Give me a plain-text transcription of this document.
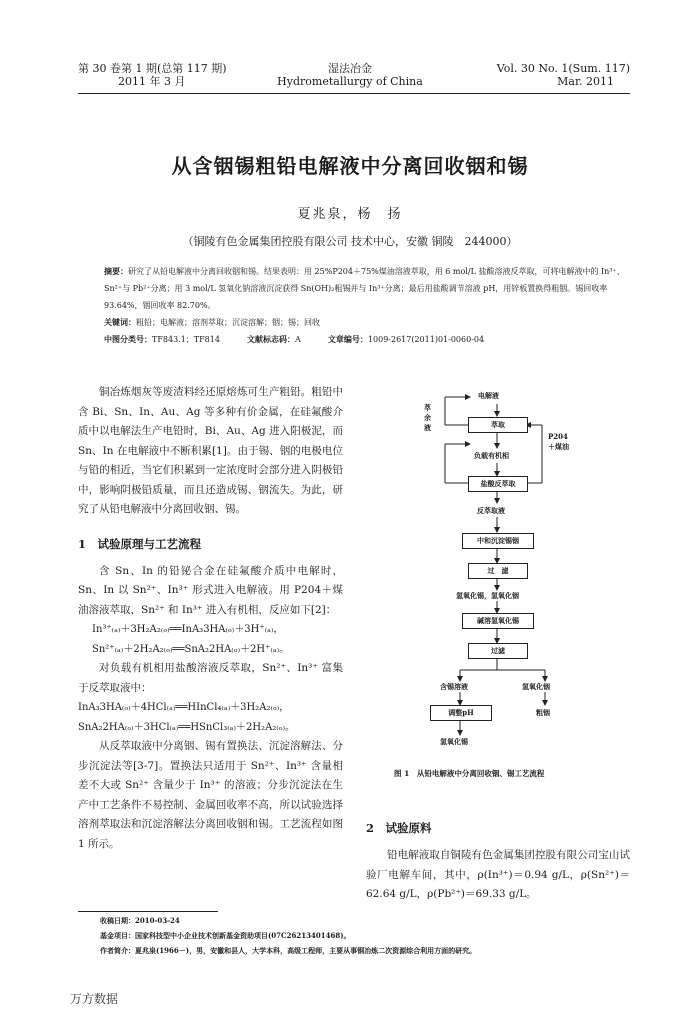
第 30 卷第 1 期(总第 117 期)
2011 年 3 月
湿法冶金
Hydrometallurgy of China
Vol. 30 No. 1(Sum. 117)
Mar. 2011
从含铟锡粗铅电解液中分离回收铟和锡
夏兆泉，杨　扬
（铜陵有色金属集团控股有限公司 技术中心，安徽 铜陵　244000）

摘要：研究了从铅电解液中分离回收铟和锡。结果表明：用 25%P204＋75%煤油溶液萃取，用 6 mol/L 盐酸溶液反萃取，可将电解液中的 In³⁺、Sn²⁺与 Pb²⁺分离；用 3 mol/L 氢氧化钠溶液沉淀获得 Sn(OH)₂粗锡并与 In³⁺分离；最后用盐酸调节溶液 pH，用锌板置换得粗铟。锡回收率 93.64%，铟回收率 82.70%。

关键词：粗铅；电解液；溶剂萃取；沉淀溶解；铟；锡；回收

中图分类号：TF843.1；TF814	文献标志码：A	文章编号：1009-2617(2011)01-0060-04

铜冶炼烟灰等废渣料经还原熔炼可生产粗铅。粗铅中含 Bi、Sn、In、Au、Ag 等多种有价金属，在硅氟酸介质中以电解法生产电铅时，Bi、Au、Ag 进入阳极泥，而 Sn、In 在电解液中不断积累[1]。由于锡、铟的电极电位与铅的相近，当它们积累到一定浓度时会部分进入阴极铅中，影响阴极铅质量，而且还造成锡、铟流失。为此，研究了从铅电解液中分离回收铟、锡。

1　试验原理与工艺流程

含 Sn、In 的铅铋合金在硅氟酸介质中电解时，Sn、In 以 Sn²⁺、In³⁺ 形式进入电解液。用 P204＋煤油溶液萃取，Sn²⁺ 和 In³⁺ 进入有机相，反应如下[2]：

In³⁺₍ₐ₎＋3H₂A₂₍ₒ₎══InA₃3HA₍ₒ₎＋3H⁺₍ₐ₎，

Sn²⁺₍ₐ₎＋2H₂A₂₍ₒ₎══SnA₂2HA₍ₒ₎＋2H⁺₍ₐ₎。

对负载有机相用盐酸溶液反萃取，Sn²⁺、In³⁺ 富集于反萃取液中：

InA₃3HA₍ₒ₎＋4HCl₍ₐ₎══HInCl₄₍ₐ₎＋3H₂A₂₍ₒ₎，

SnA₂2HA₍ₒ₎＋3HCl₍ₐ₎══HSnCl₃₍ₐ₎＋2H₂A₂₍ₒ₎。

从反萃取液中分离铟、锡有置换法、沉淀溶解法、分步沉淀法等[3-7]。置换法只适用于 Sn²⁺、In³⁺ 含量相差不大或 Sn²⁺ 含量少于 In³⁺ 的溶液；分步沉淀法在生产中工艺条件不易控制、金属回收率不高，所以试验选择溶剂萃取法和沉淀溶解法分离回收铟和锡。工艺流程如图 1 所示。

电解液
萃取
负载有机相
盐酸反萃取
反萃取液
中和沉淀锡铟
过　滤
氢氧化锡，氢氧化铟
碱溶氢氧化锡
过滤
含锡溶液	氢氧化铟
调整pH	粗铟
氢氧化锡
萃余液
P204＋煤油
图 1　从铅电解液中分离回收铟、锡工艺流程

2　试验原料

铅电解液取自铜陵有色金属集团控股有限公司宝山试验厂电解车间，其中，ρ(In³⁺)＝0.94 g/L，ρ(Sn²⁺)＝62.64 g/L，ρ(Pb²⁺)＝69.33 g/L。

收稿日期：2010-03-24

基金项目：国家科技型中小企业技术创新基金资助项目(07C26213401468)。

作者简介：夏兆泉(1966－)，男，安徽和县人，大学本科，高级工程师，主要从事铜冶炼二次资源综合利用方面的研究。

万方数据
